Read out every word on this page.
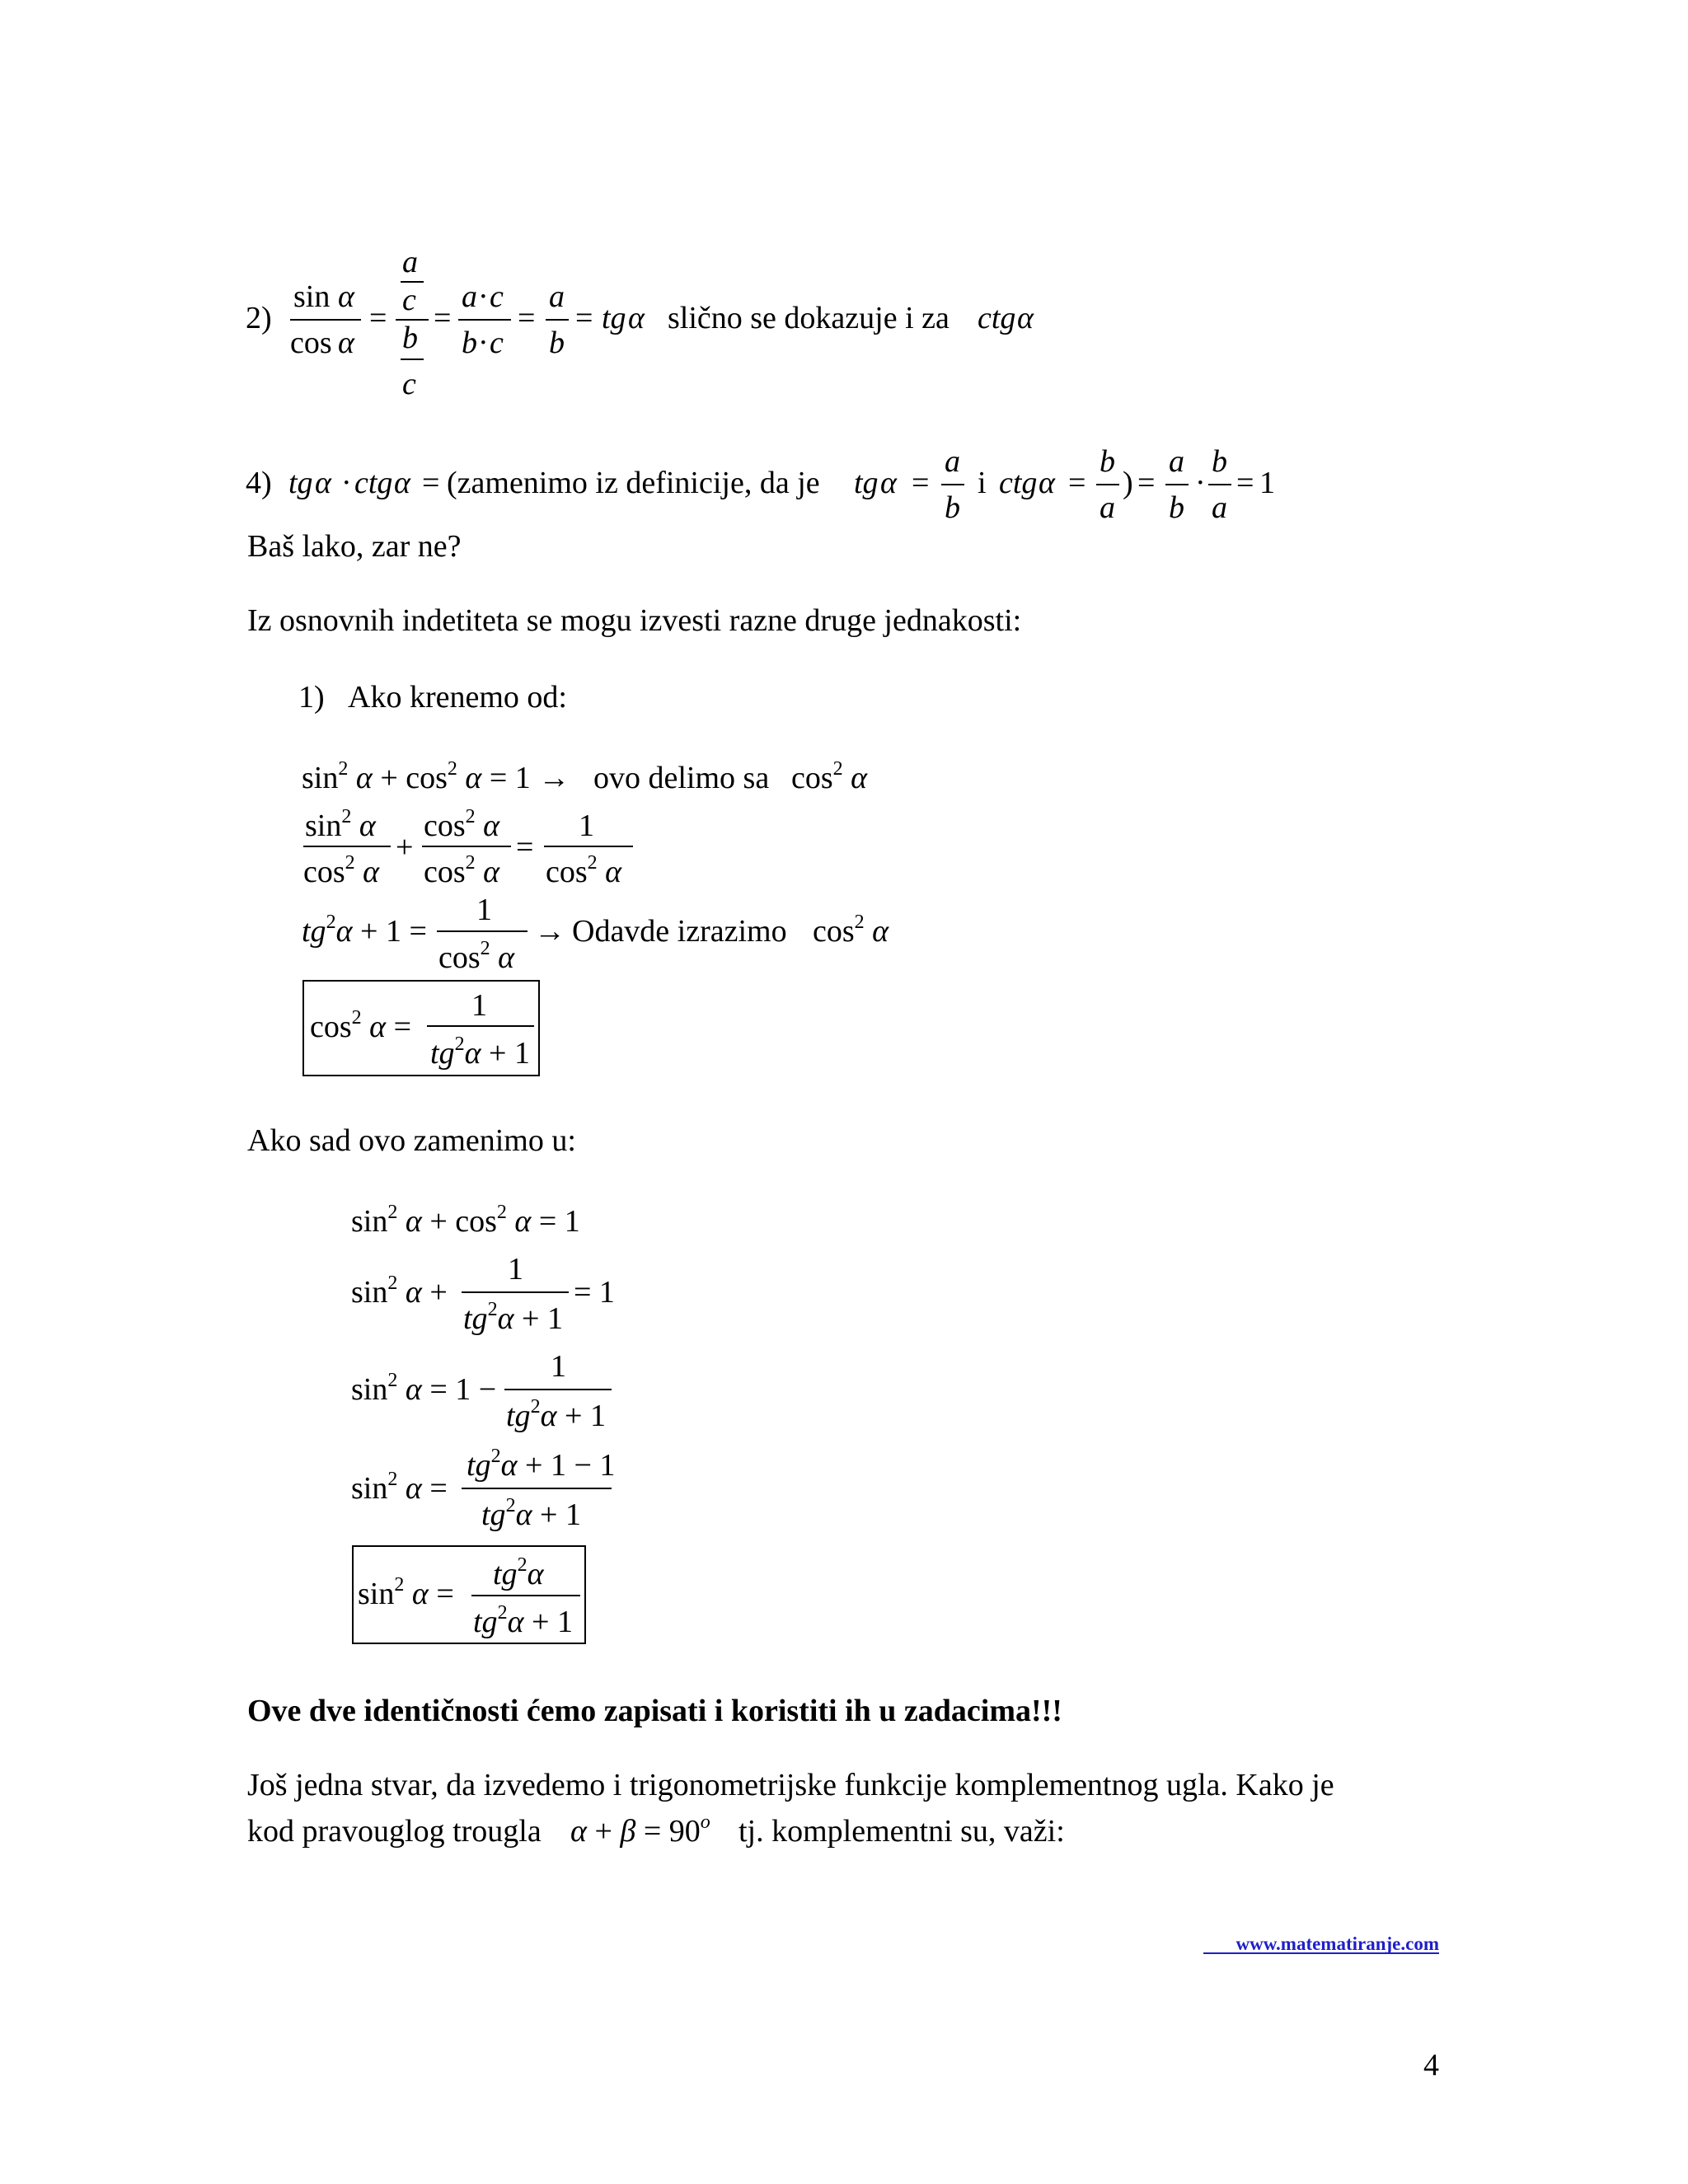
2)
sin α
cos α
=
a
c
b
c
=
a · c
b · c
=
a
b
= tg α slično se dokazuje i za ctg α
4) tg α · ctg α = (zamenimo iz definicije, da je tg α =
a
b
i ctg α =
b
a
) =
a
b
·
b
a
= 1
Baš lako, zar ne?
Iz osnovnih indetiteta se mogu izvesti razne druge jednakosti:
1) Ako krenemo od:
$\sin^2 \alpha + \cos^2 \alpha = 1$ → ovo delimo sa $\cos^2 \alpha$
$\sin^2 \alpha$
$\cos^2 \alpha$
+
$\cos^2 \alpha$
$\cos^2 \alpha$
=
1
$\cos^2 \alpha$
$tg^2\alpha + 1$ =
1
$\cos^2 \alpha$
→ Odavde izrazimo $\cos^2 \alpha$
$\cos^2 \alpha$ =
1
$tg^2\alpha + 1$
Ako sad ovo zamenimo u:
$\sin^2 \alpha + \cos^2 \alpha = 1$
$\sin^2 \alpha$ +
1
$tg^2\alpha + 1$
= 1
$\sin^2 \alpha = 1$ −
1
$tg^2\alpha + 1$
$\sin^2 \alpha$ =
$tg^2\alpha + 1 - 1$
$tg^2\alpha + 1$
$\sin^2 \alpha$ =
$tg^2\alpha$
$tg^2\alpha + 1$
Ove dve identičnosti ćemo zapisati i koristiti ih u zadacima!!!
Još jedna stvar, da izvedemo i trigonometrijske funkcije komplementnog ugla. Kako je
kod pravouglog trougla $\alpha + \beta = 90^o$ tj. komplementni su, važi:
www.matematiranje.com
4
